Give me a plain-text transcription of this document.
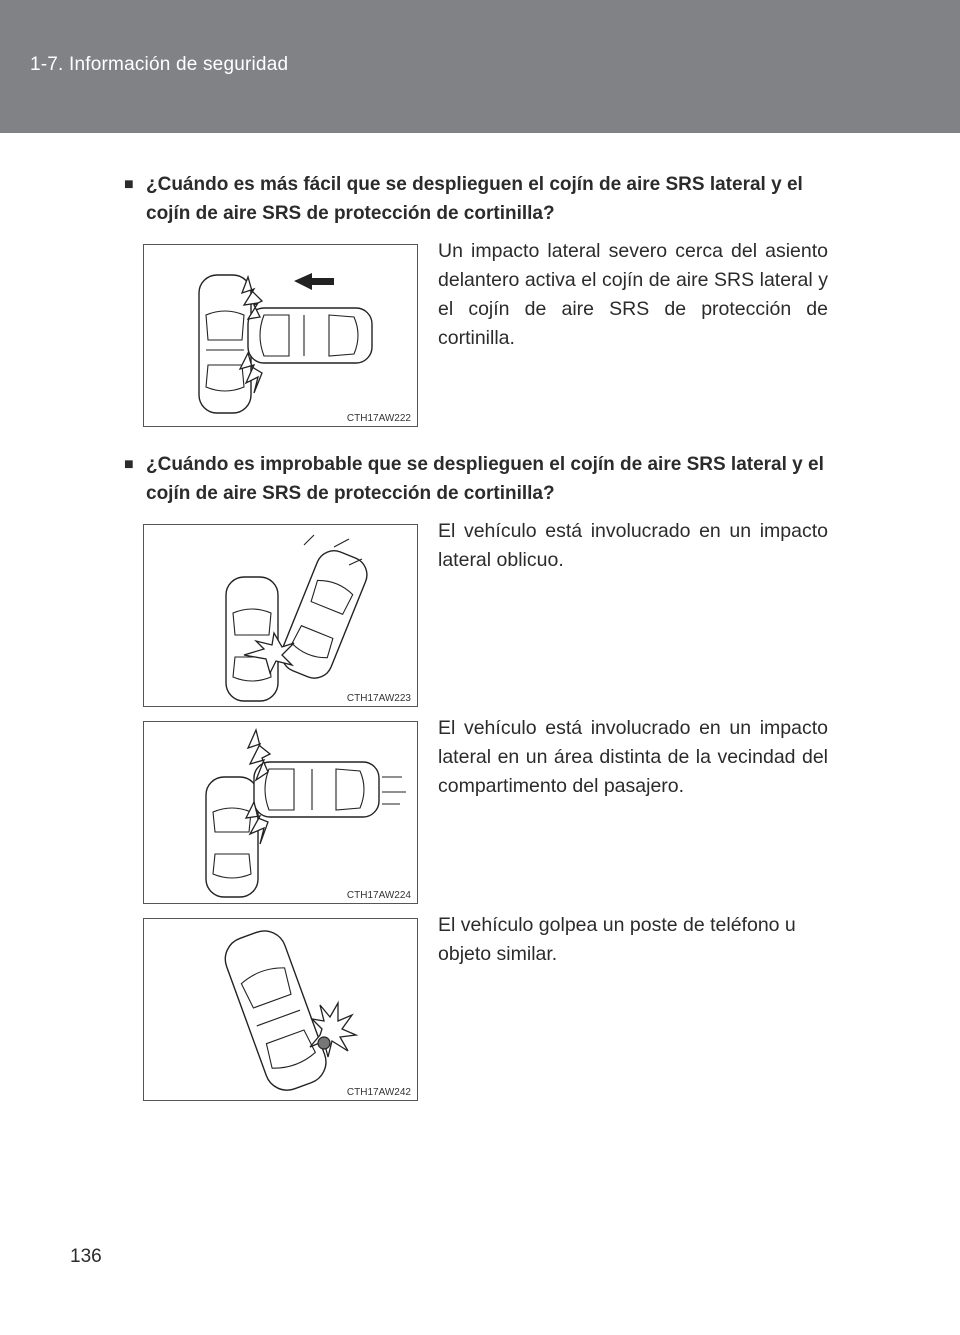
1-7. Información de seguridad
■ ¿Cuándo es más fácil que se desplieguen el cojín de aire SRS lateral y el cojín de aire SRS de protección de cortinilla?
CTH17AW222
Un impacto lateral severo cerca del asiento delantero activa el cojín de aire SRS lateral y el cojín de aire SRS de protección de cortinilla.
■ ¿Cuándo es improbable que se desplieguen el cojín de aire SRS lateral y el cojín de aire SRS de protección de cortinilla?
CTH17AW223
El vehículo está involucrado en un impacto lateral oblicuo.
CTH17AW224
El vehículo está involucrado en un impacto lateral en un área distinta de la vecindad del compartimento del pasajero.
CTH17AW242
El vehículo golpea un poste de teléfono u objeto similar.
136
